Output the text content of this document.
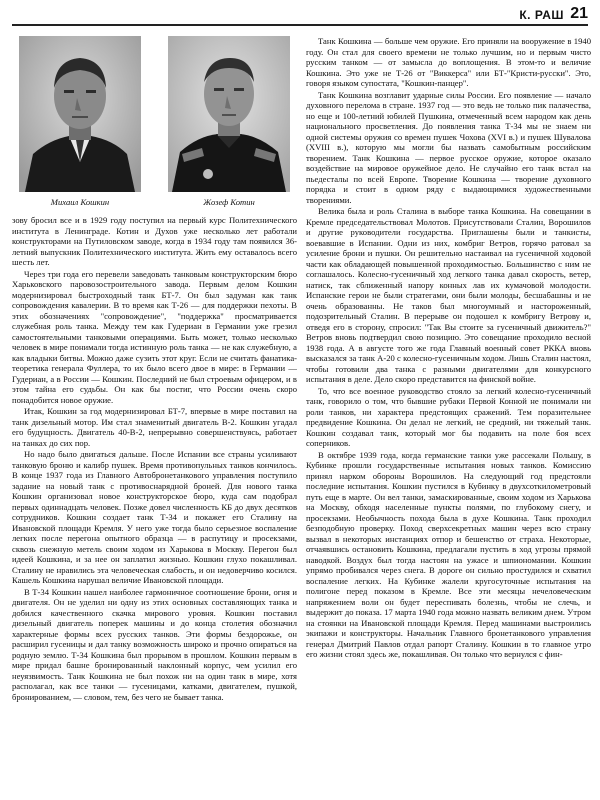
К. РАШ 21
Михаил Кошкин	Жозеф Котин

зову бросил все и в 1929 году поступил на первый курс Политехнического института в Ленинграде. Котин и Духов уже несколько лет работали конструкторами на Путиловском заводе, когда в 1934 году там появился 36-летний выпускник Политехнического института. Жить ему оставалось всего шесть лет.

Через три года его перевели заведовать танковым конструкторским бюро Харьковского паровозостроительного завода. Первым делом Кошкин модернизировал быстроходный танк БТ-7. Он был задуман как танк сопровождения кавалерии. В то время как Т-26 — для поддержки пехоты. В этих обозначениях "сопровождение", "поддержка" просматривается служебная роль танка. Между тем как Гудериан в Германии уже грезил самостоятельными танковыми операциями. Быть может, только несколько человек в мире понимали тогда истинную роль танка — не как служебную, а как владыки битвы. Можно даже сузить этот круг. Если не считать фанатика-теоретика генерала Фуллера, то их было всего двое в мире: в Германии — Гудериан, а в России — Кошкин. Последний не был строевым офицером, и в этом тайна его судьбы. Он как бы постиг, что России очень скоро понадобится новое оружие.

Итак, Кошкин за год модернизировал БТ-7, впервые в мире поставил на танк дизельный мотор. Им стал знаменитый двигатель В-2. Кошкин угадал его будущность. Двигатель 40-В-2, непрерывно совершенствуясь, работает на танках до сих пор.

Но надо было двигаться дальше. После Испании все страны усиливают танковую броню и калибр пушек. Время противопульных танков кончилось. В конце 1937 года из Главного Автобронетанкового управления поступило задание на новый танк с противоснарядной броней. Для нового танка Кошкин организовал новое конструкторское бюро, куда сам подобрал первых одиннадцать человек. Позже довел численность КБ до двух десятков сотрудников. Кошкин создает танк Т-34 и покажет его Сталину на Ивановской площади Кремля. У него уже тогда было серьезное воспаление легких после перегона опытного образца — в распутицу и просекзами, сквозь снежную метель своим ходом из Харькова в Москву. Перегон был идеей Кошкина, и за нее он заплатил жизнью. Кошкин глухо покашливал. Сталину не нравились эта человеческая слабость, и он недоверчиво косился. Кашель Кошкина нарушал величие Ивановской площади.

В Т-34 Кошкин нашел наиболее гармоничное соотношение брони, огня и двигателя. Он не уделил ни одну из этих основных составляющих танка и добился качественного скачка мирового уровня. Кошкин поставил дизельный двигатель поперек машины и до конца столетия обозначил характерные формы всех русских танков. Эти формы бездорожье, он расширил гусеницы и дал танку возможность широко и прочно опираться на родную землю. Т-34 Кошкина был прорывом в прошлом. Кошкин первым в мире придал башне бронированный наклонный корпус, чем усилил его неуязвимость. Танк Кошкина не был похож ни на один танк в мире, хотя располагал, как все танки — гусеницами, катками, двигателем, пушкой, бронированием, — словом, тем, без чего не бывает танка.

Танк Кошкина — больше чем оружие. Его приняли на вооружение в 1940 году. Он стал для своего времени не только лучшим, но и первым чисто русским танком — от замысла до воплощения. В этом-то и величие Кошкина. Это уже не Т-26 от "Виккерса" или БТ-"Кристи-русски". Это, говоря языком супостата, "Кошкин-панцер".

Танк Кошкина возглавит ударные силы России. Его появление — начало духовного перелома в стране. 1937 год — это ведь не только пик палачества, но еще и 100-летний юбилей Пушкина, отмеченный всем народом как день национального просветления. До появления танка Т-34 мы не знаем ни одной системы оружия со времен пушек Чохова (XVI в.) и пушек Шувалова (XVIII в.), которую мы могли бы назвать самобытным российским творением. Танк Кошкина — первое русское оружие, которое оказало воздействие на мировое оружейное дело. Не случайно его танк встал на пьедесталы по всей Европе. Творение Кошкина — творение духовного порядка и стоит в одном ряду с выдающимися художественными творениями.

Велика была и роль Сталина в выборе танка Кошкина. На совещании в Кремле председательствовал Молотов. Присутствовали Сталин, Ворошилов и другие руководители государства. Приглашены были и танкисты, воевавшие в Испании. Одни из них, комбриг Ветров, горячо ратовал за усиление брони и пушки. Он решительно настаивал на гусеничной ходовой части как обладающей повышенной проходимостью. Большинство с ним не соглашалось. Колесно-гусеничный ход легкого танка давал скорость, ветер, натиск, так сближенный напору конных лав их кумачовой молодости. Испанские герои не были стратегами, они были молоды, бесшабашны и не очень образованны. Не таков был многоумный и настороженный, подозрительный Сталин. В перерыве он подошел к комбригу Ветрову и, отведя его в сторону, спросил: "Так Вы стоите за гусеничный движитель?" Ветров вновь подтвердил свою позицию. Это совещание проходило весной 1938 года. А в августе того же года Главный военный совет РККА вновь высказался за танк А-20 с колесно-гусеничным ходом. Лишь Сталин настоял, чтобы готовили два танка с разными двигателями для конкурсного испытания в деле. Дело скоро представится на финской войне.

То, что все военное руководство стояло за легкий колесно-гусеничный танк, говорило о том, что бывшие рубаки Первой Конной не понимали ни роли танков, ни характера предстоящих сражений. Тем поразительнее предвидение Кошкина. Он делал не легкий, не средний, ни тяжелый танк. Кошкин создавал танк, который мог бы подавить на поле боя всех соперников.

В октябре 1939 года, когда германские танки уже рассекали Польшу, в Кубинке прошли государственные испытания новых танков. Комиссию принял нарком обороны Ворошилов. На следующий год предстояли последние испытания. Кошкин пустился в Кубинку в двухсоткилометровый путь еще в марте. Он вел танки, замаскированные, своим ходом из Харькова на Москву, обходя населенные пункты полями, по глубокому снегу, и просекзами. Необычность похода была в духе Кошкина. Танк проходил безподобную проверку. Поход сверхсекретных машин через всю страну вызвал в некоторых инстанциях отпор и бешенство от страха. Некоторые, отчаявшись остановить Кошкина, предлагали пустить в ход угрозы прямой наводкой. Воздух был тогда настоян на ужасе и шпиономании. Кошкин упрямо пробивался через снега. В дороге он сильно простудился и схватил воспаление легких. На Кубинке жалели кругосуточные испытания на полигоне перед показом в Кремле. Все эти месяцы нечеловеческим напряжением воли он будет переспивать болезнь, чтобы не слечь, и выдержит до показа. 17 марта 1940 года можно назвать великим днем. Утром на стоянки на Ивановской площади Кремля. Перед машинами выстроились экипажи и конструкторы. Начальник Главного бронетанкового управления генерал Дмитрий Павлов отдал рапорт Сталину. Кошкин в то главное утро его жизни стоял здесь же, покашливая. Он только что вернулся с фин-
